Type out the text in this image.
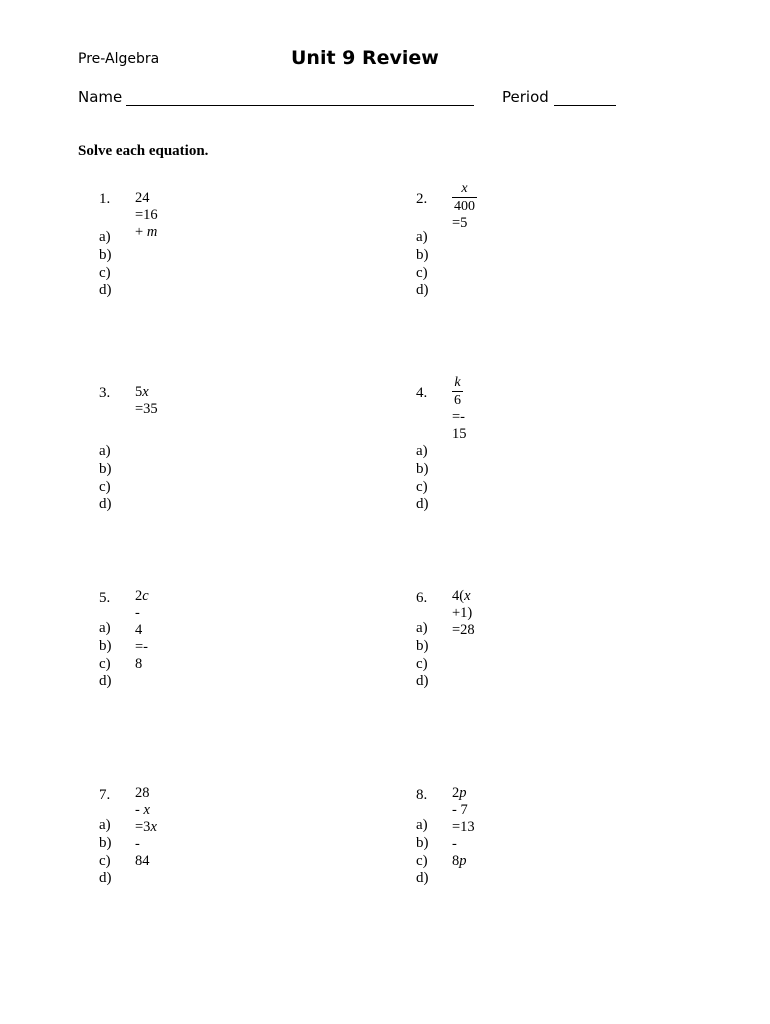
Pre-Algebra	Unit 9 Review
Name	Period
Solve each equation.
1. 24 =16 + m
a)
b)
c)
d)
2. $\frac{x}{400}$
=5
a)
b)
c)
d)
3. 5x =35
a)
b)
c)
d)
4. $\frac{k}{6}$
=- 15
a)
b)
c)
d)
5. 2c - 4 =- 8
a)
b)
c)
d)
6. 4(x +1) =28
a)
b)
c)
d)
7. 28 - x =3x - 84
a)
b)
c)
d)
8. 2p - 7 =13 - 8p
a)
b)
c)
d)
